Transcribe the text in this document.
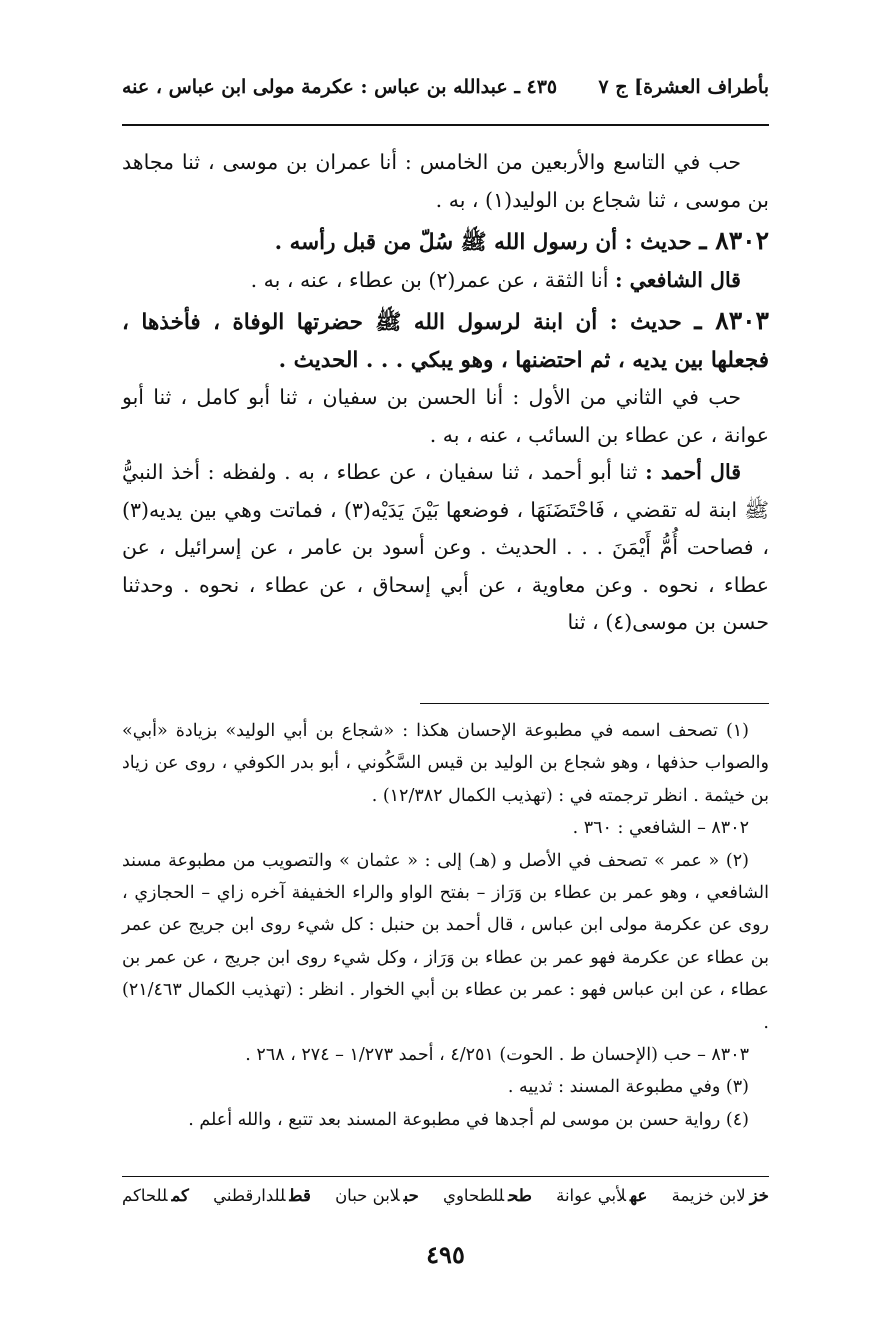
بأطراف العشرة] ج ٧
٤٣٥ ـ عبدالله بن عباس : عكرمة مولى ابن عباس ، عنه

حب في التاسع والأربعين من الخامس : أنا عمران بن موسى ، ثنا مجاهد بن موسى ، ثنا شجاع بن الوليد(١) ، به .

٨٣٠٢ ـ حديث : أن رسول الله ﷺ سُلّ من قبل رأسه .

قال الشافعي : أنا الثقة ، عن عمر(٢) بن عطاء ، عنه ، به .

٨٣٠٣ ـ حديث : أن ابنة لرسول الله ﷺ حضرتها الوفاة ، فأخذها ، فجعلها بين يديه ، ثم احتضنها ، وهو يبكي . . . الحديث .

حب في الثاني من الأول : أنا الحسن بن سفيان ، ثنا أبو كامل ، ثنا أبو عوانة ، عن عطاء بن السائب ، عنه ، به .

قال أحمد : ثنا أبو أحمد ، ثنا سفيان ، عن عطاء ، به . ولفظه : أخذ النبيُّ ﷺ ابنة له تقضي ، فَاحْتَضَنَهَا ، فوضعها بَيْنَ يَدَيْه(٣) ، فماتت وهي بين يديه(٣) ، فصاحت أُمُّ أَيْمَنَ . . . الحديث . وعن أسود بن عامر ، عن إسرائيل ، عن عطاء ، نحوه . وعن معاوية ، عن أبي إسحاق ، عن عطاء ، نحوه . وحدثنا حسن بن موسى(٤) ، ثنا

(١) تصحف اسمه في مطبوعة الإحسان هكذا : «شجاع بن أبي الوليد» بزيادة «أبي» والصواب حذفها ، وهو شجاع بن الوليد بن قيس السَّكُوني ، أبو بدر الكوفي ، روى عن زياد بن خيثمة . انظر ترجمته في : (تهذيب الكمال ١٢/٣٨٢) .

٨٣٠٢ – الشافعي : ٣٦٠ .

(٢) « عمر » تصحف في الأصل و (هـ) إلى : « عثمان » والتصويب من مطبوعة مسند الشافعي ، وهو عمر بن عطاء بن وَرَاز – بفتح الواو والراء الخفيفة آخره زاي – الحجازي ، روى عن عكرمة مولى ابن عباس ، قال أحمد بن حنبل : كل شيء روى ابن جريج عن عمر بن عطاء عن عكرمة فهو عمر بن عطاء بن وَرَاز ، وكل شيء روى ابن جريج ، عن عمر بن عطاء ، عن ابن عباس فهو : عمر بن عطاء بن أبي الخوار . انظر : (تهذيب الكمال ٢١/٤٦٣) .

٨٣٠٣ – حب (الإحسان ط . الحوت) ٤/٢٥١ ، أحمد ١/٢٧٣ – ٢٧٤ ، ٢٦٨ .

(٣) وفي مطبوعة المسند : ثدييه .

(٤) رواية حسن بن موسى لم أجدها في مطبوعة المسند بعد تتبع ، والله أعلم .

خزلابن خزيمة
عهلأبي عوانة
طحللطحاوي
حبلابن حبان
قطللدارقطني
كمللحاكم
٤٩٥
